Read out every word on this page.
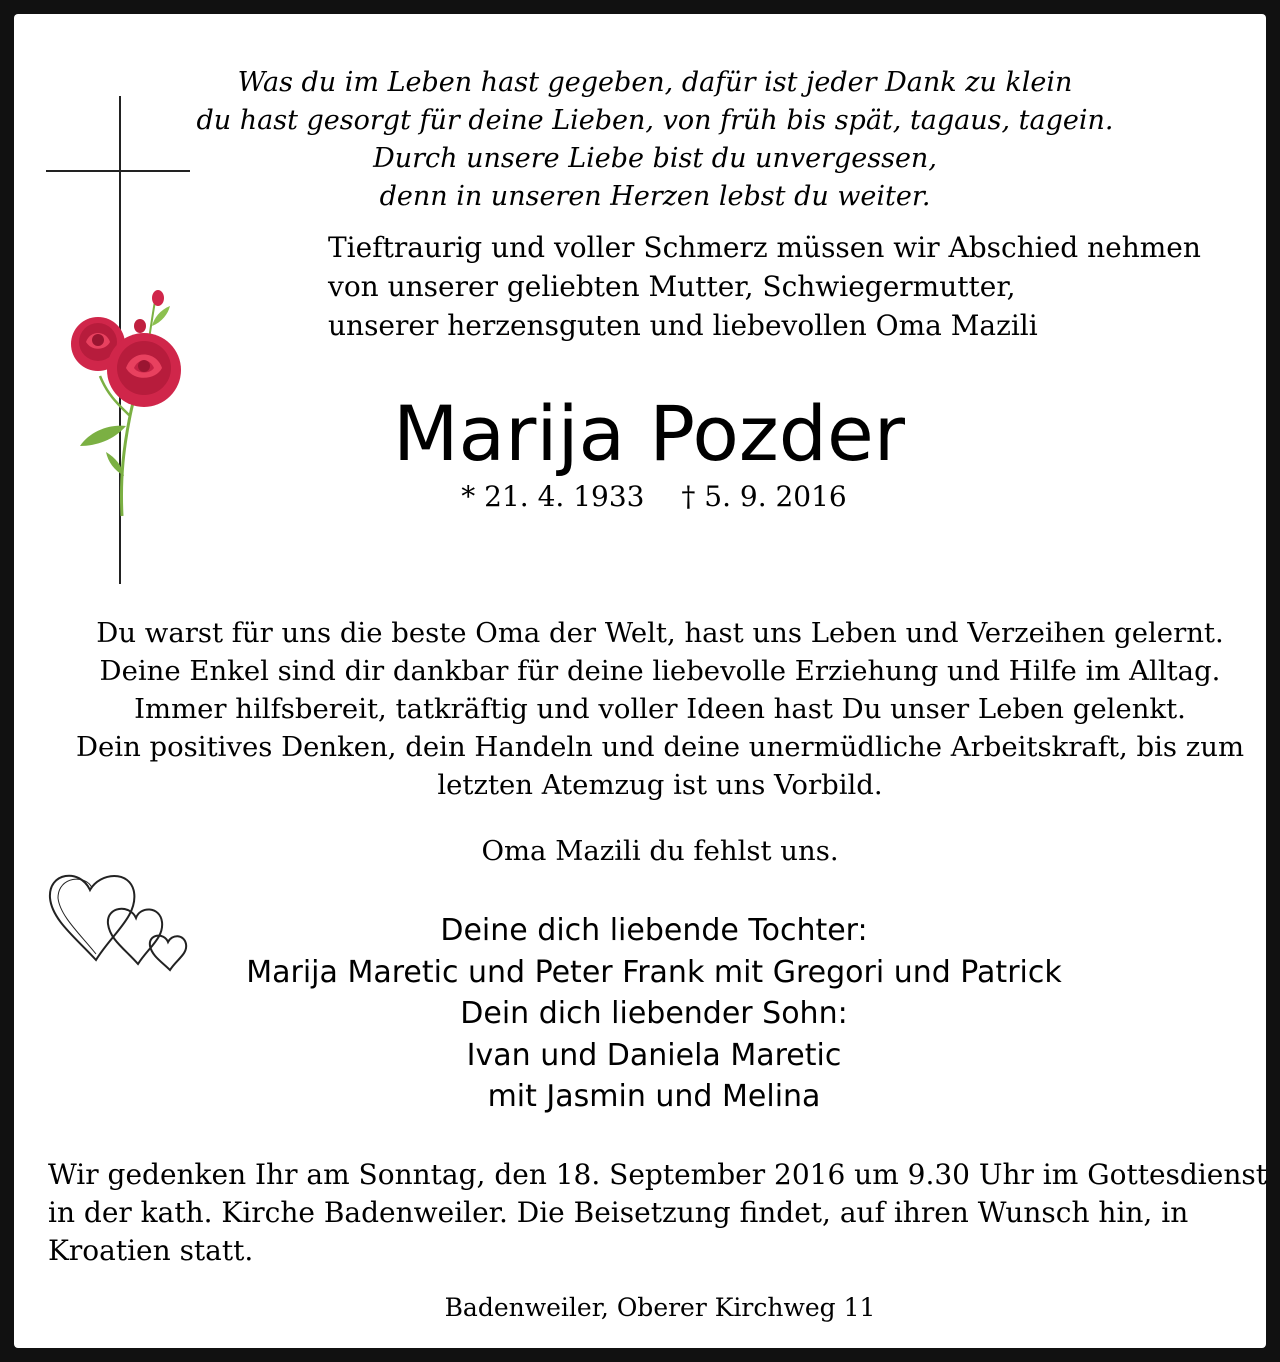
Was du im Leben hast gegeben, dafür ist jeder Dank zu klein
du hast gesorgt für deine Lieben, von früh bis spät, tagaus, tagein.
Durch unsere Liebe bist du unvergessen,
denn in unseren Herzen lebst du weiter.
Tieftraurig und voller Schmerz müssen wir Abschied nehmen
von unserer geliebten Mutter, Schwiegermutter,
unserer herzensguten und liebevollen Oma Mazili
Marija Pozder
* 21. 4. 1933 † 5. 9. 2016
Du warst für uns die beste Oma der Welt, hast uns Leben und Verzeihen gelernt.
Deine Enkel sind dir dankbar für deine liebevolle Erziehung und Hilfe im Alltag.
Immer hilfsbereit, tatkräftig und voller Ideen hast Du unser Leben gelenkt.
Dein positives Denken, dein Handeln und deine unermüdliche Arbeitskraft, bis zum
letzten Atemzug ist uns Vorbild.
Oma Mazili du fehlst uns.
Deine dich liebende Tochter:
Marija Maretic und Peter Frank mit Gregori und Patrick
Dein dich liebender Sohn:
Ivan und Daniela Maretic
mit Jasmin und Melina
Wir gedenken Ihr am Sonntag, den 18. September 2016 um 9.30 Uhr im Gottesdienst
in der kath. Kirche Badenweiler. Die Beisetzung findet, auf ihren Wunsch hin, in
Kroatien statt.
Badenweiler, Oberer Kirchweg 11
